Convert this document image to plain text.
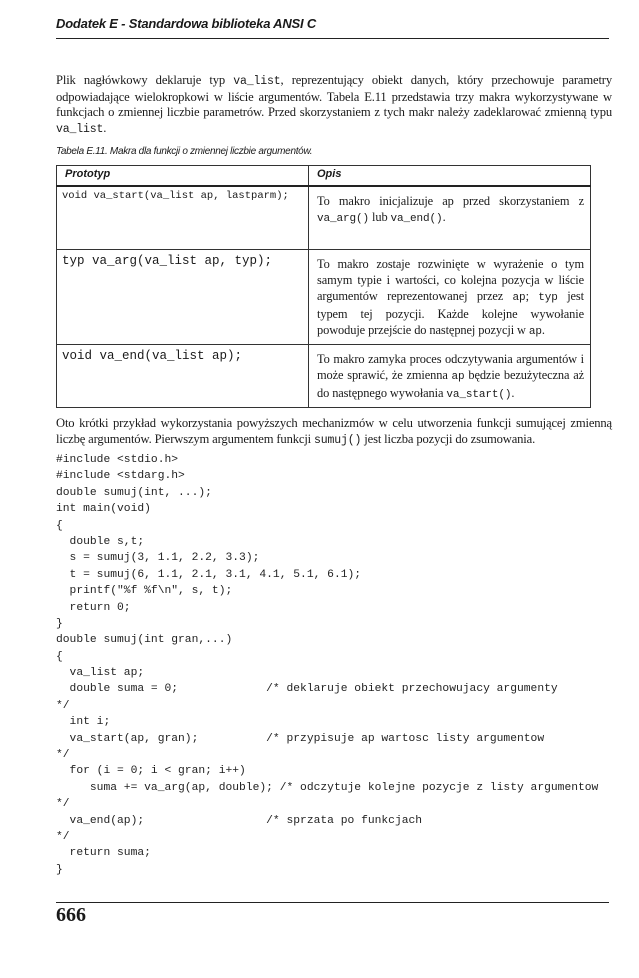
Dodatek E - Standardowa biblioteka ANSI C

Plik nagłówkowy deklaruje typ va_list, reprezentujący obiekt danych, który przechowuje parametry odpowiadające wielokropkowi w liście argumentów. Tabela E.11 przedstawia trzy makra wykorzystywane w funkcjach o zmiennej liczbie parametrów. Przed skorzystaniem z tych makr należy zadeklarować zmienną typu va_list.

Tabela E.11. Makra dla funkcji o zmiennej liczbie argumentów.
Prototyp	Opis
void va_start(va_list ap, lastparm);	To makro inicjalizuje ap przed skorzystaniem z va_arg() lub va_end().
typ va_arg(va_list ap, typ);	To makro zostaje rozwinięte w wyrażenie o tym samym typie i wartości, co kolejna pozycja w liście argumentów reprezentowanej przez ap; typ jest typem tej pozycji. Każde kolejne wywołanie powoduje przejście do następnej pozycji w ap.
void va_end(va_list ap);	To makro zamyka proces odczytywania argumentów i może sprawić, że zmienna ap będzie bezużyteczna aż do następnego wywołania va_start().

Oto krótki przykład wykorzystania powyższych mechanizmów w celu utworzenia funkcji sumującej zmienną liczbę argumentów. Pierwszym argumentem funkcji sumuj() jest liczba pozycji do zsumowania.

#include <stdio.h>
#include <stdarg.h>
double sumuj(int, ...);
int main(void)
{
double s,t;
s = sumuj(3, 1.1, 2.2, 3.3);
t = sumuj(6, 1.1, 2.1, 3.1, 4.1, 5.1, 6.1);
printf("%f %f\n", s, t);
return 0;
}
double sumuj(int gran,...)
{
va_list ap;
double suma = 0;             /* deklaruje obiekt przechowujacy argumenty
*/
int i;
va_start(ap, gran);          /* przypisuje ap wartosc listy argumentow
*/
for (i = 0; i < gran; i++)
suma += va_arg(ap, double); /* odczytuje kolejne pozycje z listy argumentow
*/
va_end(ap);                  /* sprzata po funkcjach
*/
return suma;
}
666
